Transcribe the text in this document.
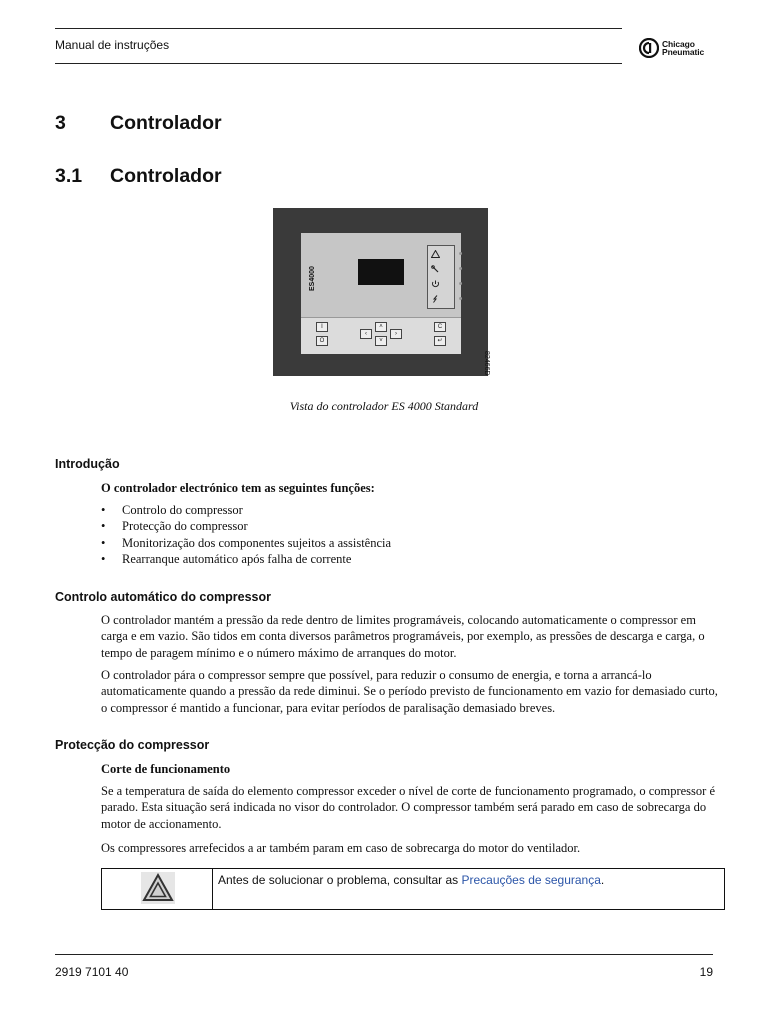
Manual de instruções	Chicago
Pneumatic
3 Controlador
3.1 Controlador
ES4000
I
O
‹
˄
˅
›
C
↵
82466D
Vista do controlador ES 4000 Standard
Introdução
O controlador electrónico tem as seguintes funções:
• Controlo do compressor
• Protecção do compressor
• Monitorização dos componentes sujeitos a assistência
• Rearranque automático após falha de corrente
Controlo automático do compressor
O controlador mantém a pressão da rede dentro de limites programáveis, colocando automaticamente o compressor em carga e em vazio. São tidos em conta diversos parâmetros programáveis, por exemplo, as pressões de descarga e carga, o tempo de paragem mínimo e o número máximo de arranques do motor.
O controlador pára o compressor sempre que possível, para reduzir o consumo de energia, e torna a arrancá-lo automaticamente quando a pressão da rede diminui. Se o período previsto de funcionamento em vazio for demasiado curto, o compressor é mantido a funcionar, para evitar períodos de paralisação demasiado breves.
Protecção do compressor
Corte de funcionamento
Se a temperatura de saída do elemento compressor exceder o nível de corte de funcionamento programado, o compressor é parado. Esta situação será indicada no visor do controlador. O compressor também será parado em caso de sobrecarga do motor de accionamento.
Os compressores arrefecidos a ar também param em caso de sobrecarga do motor do ventilador.
Antes de solucionar o problema, consultar as Precauções de segurança.
2919 7101 40	19
